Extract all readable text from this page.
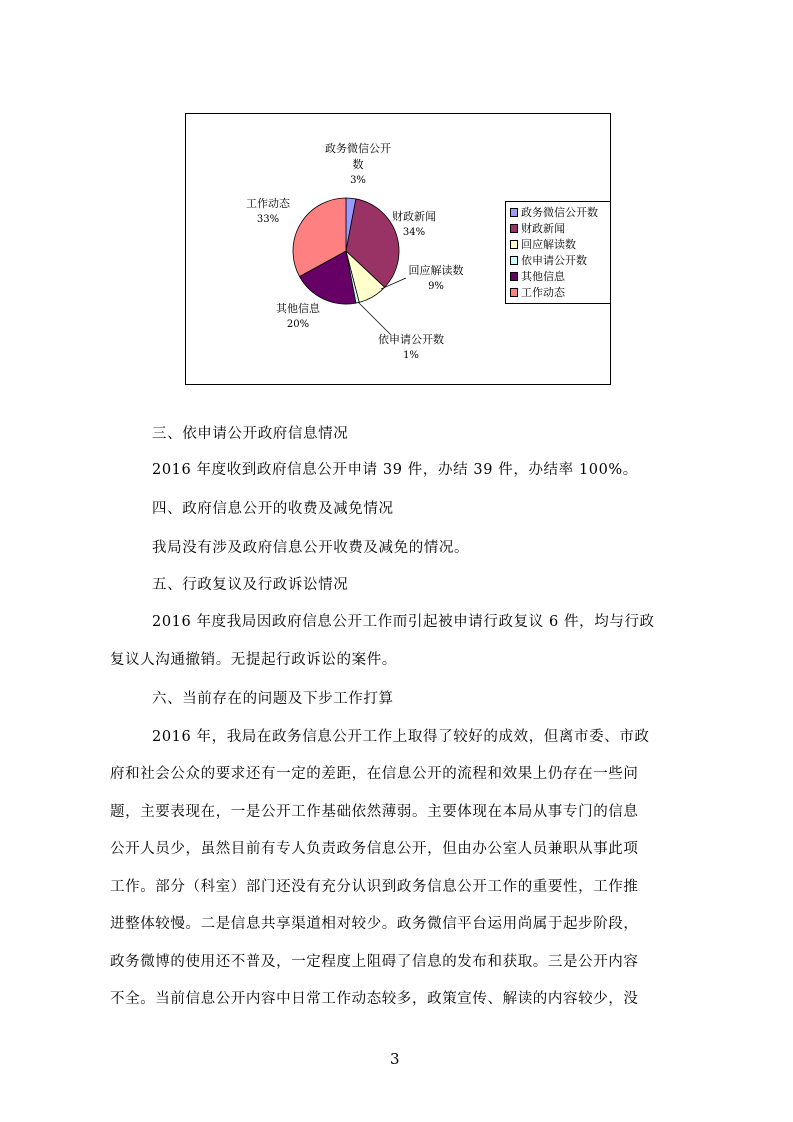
政务微信公开
数
3%
财政新闻
34%
回应解读数
9%
依申请公开数
1%
其他信息
20%
工作动态
33%
政务微信公开数
财政新闻
回应解读数
依申请公开数
其他信息
工作动态
三、依申请公开政府信息情况
2016 年度收到政府信息公开申请 39 件，办结 39 件，办结率 100%。
四、政府信息公开的收费及减免情况
我局没有涉及政府信息公开收费及减免的情况。
五、行政复议及行政诉讼情况
2016 年度我局因政府信息公开工作而引起被申请行政复议 6 件，均与行政
复议人沟通撤销。无提起行政诉讼的案件。
六、当前存在的问题及下步工作打算
2016 年，我局在政务信息公开工作上取得了较好的成效，但离市委、市政
府和社会公众的要求还有一定的差距，在信息公开的流程和效果上仍存在一些问
题，主要表现在，一是公开工作基础依然薄弱。主要体现在本局从事专门的信息
公开人员少，虽然目前有专人负责政务信息公开，但由办公室人员兼职从事此项
工作。部分（科室）部门还没有充分认识到政务信息公开工作的重要性，工作推
进整体较慢。二是信息共享渠道相对较少。政务微信平台运用尚属于起步阶段，
政务微博的使用还不普及，一定程度上阻碍了信息的发布和获取。三是公开内容
不全。当前信息公开内容中日常工作动态较多，政策宣传、解读的内容较少，没
3
